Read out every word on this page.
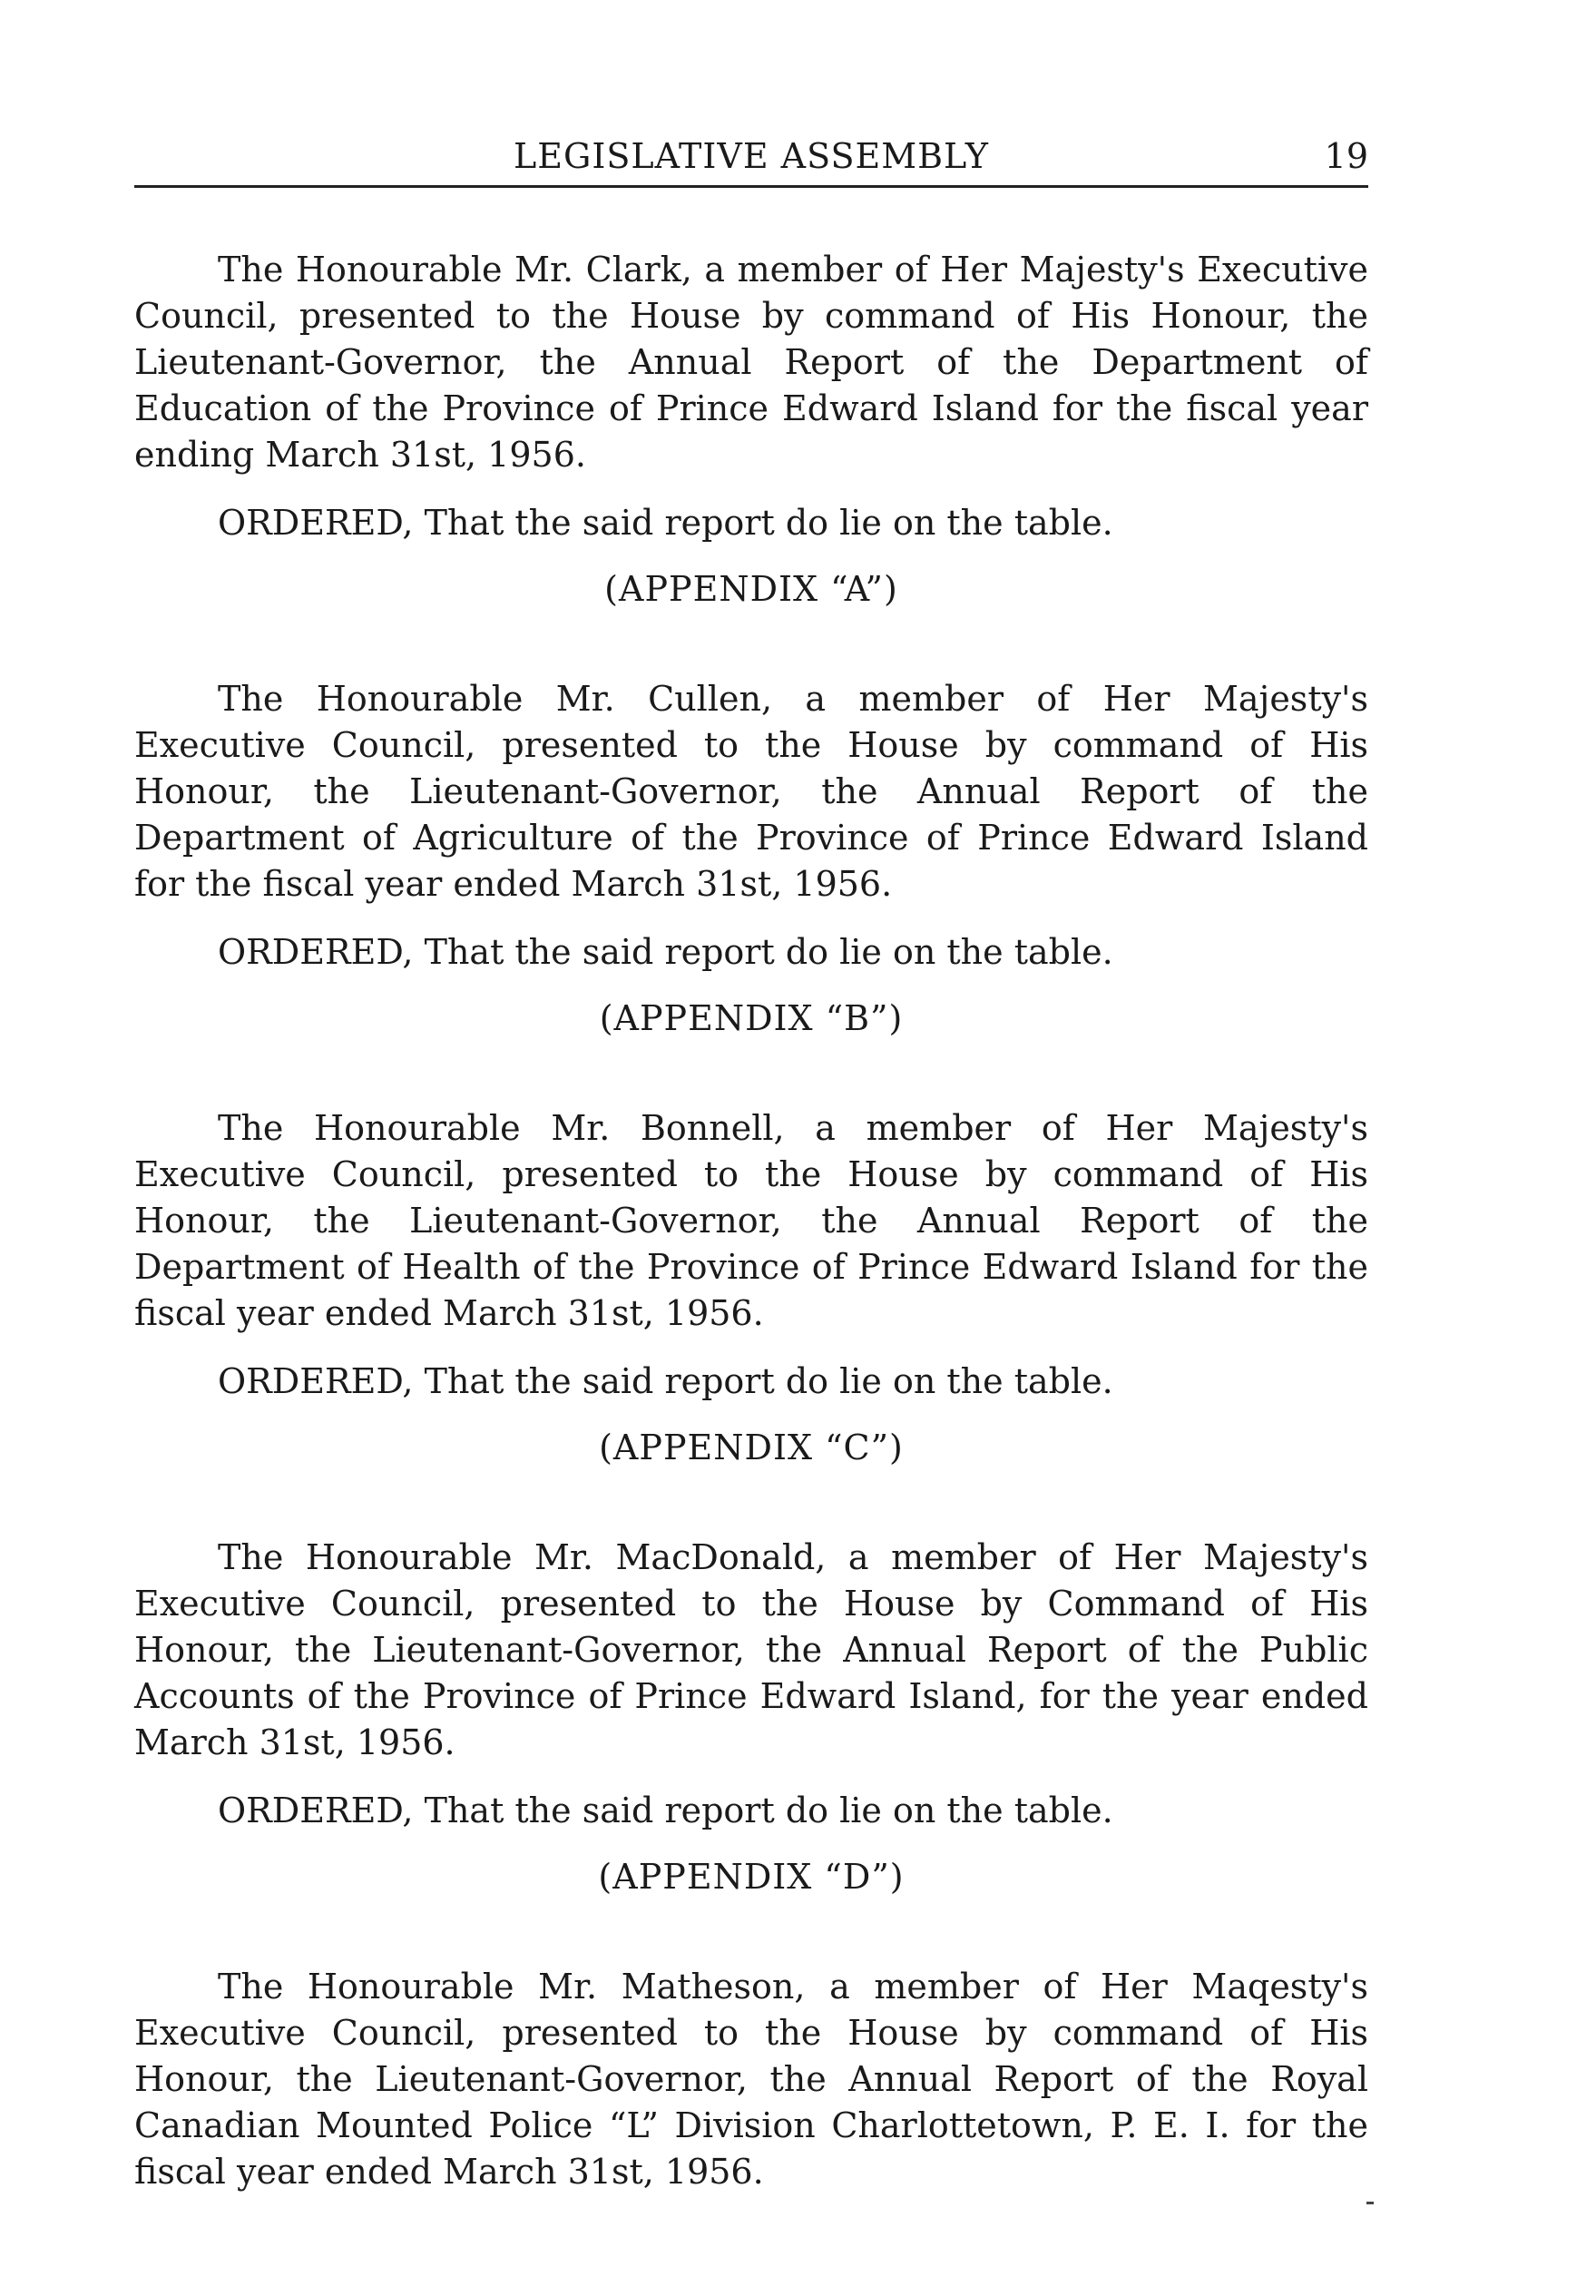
LEGISLATIVE ASSEMBLY	19

The Honourable Mr. Clark, a member of Her Majesty's Executive Council, presented to the House by command of His Honour, the Lieutenant-Governor, the Annual Report of the Department of Education of the Province of Prince Edward Island for the fiscal year ending March 31st, 1956.

ORDERED, That the said report do lie on the table.

(APPENDIX “A”)

The Honourable Mr. Cullen, a member of Her Majesty's Executive Council, presented to the House by command of His Honour, the Lieutenant-Governor, the Annual Report of the Department of Agriculture of the Province of Prince Edward Island for the fiscal year ended March 31st, 1956.

ORDERED, That the said report do lie on the table.

(APPENDIX “B”)

The Honourable Mr. Bonnell, a member of Her Majesty's Executive Council, presented to the House by command of His Honour, the Lieutenant-Governor, the Annual Report of the Department of Health of the Province of Prince Edward Island for the fiscal year ended March 31st, 1956.

ORDERED, That the said report do lie on the table.

(APPENDIX “C”)

The Honourable Mr. MacDonald, a member of Her Majesty's Executive Council, presented to the House by Command of His Honour, the Lieutenant-Governor, the Annual Report of the Public Accounts of the Province of Prince Edward Island, for the year ended March 31st, 1956.

ORDERED, That the said report do lie on the table.

(APPENDIX “D”)

The Honourable Mr. Matheson, a member of Her Maqesty's Executive Council, presented to the House by command of His Honour, the Lieutenant-Governor, the Annual Report of the Royal Canadian Mounted Police “L” Division Charlottetown, P. E. I. for the fiscal year ended March 31st, 1956.
